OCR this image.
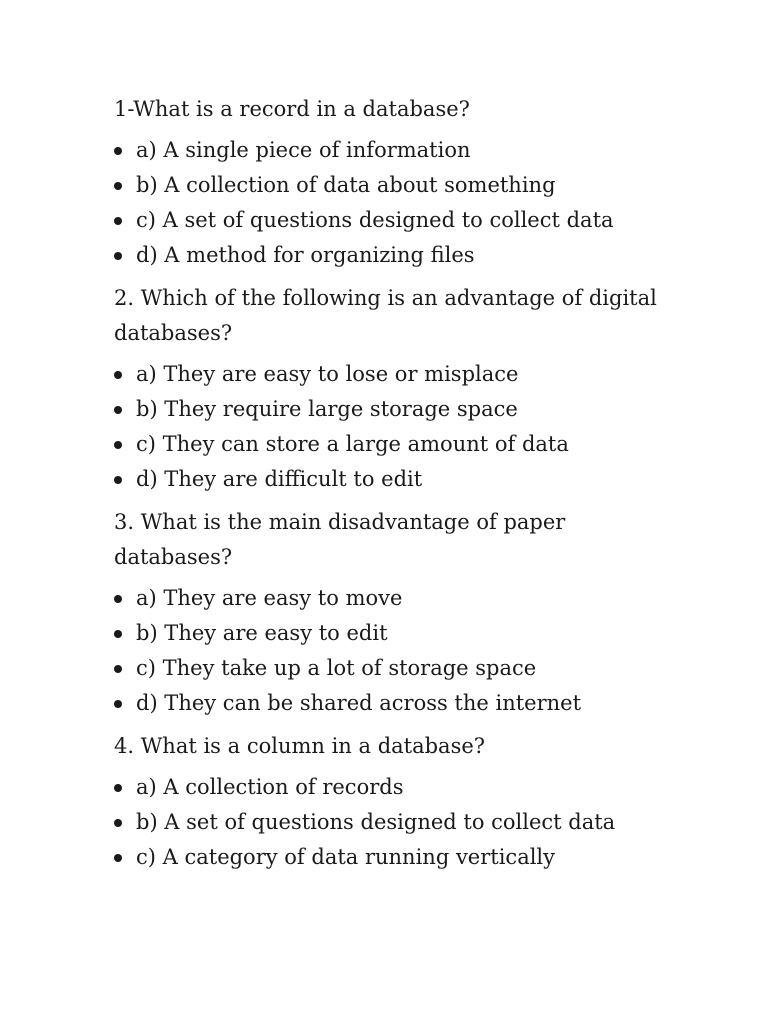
1-What is a record in a database?

a) A single piece of information
b) A collection of data about something
c) A set of questions designed to collect data
d) A method for organizing files

2. Which of the following is an advantage of digital databases?

a) They are easy to lose or misplace
b) They require large storage space
c) They can store a large amount of data
d) They are difficult to edit

3. What is the main disadvantage of paper databases?

a) They are easy to move
b) They are easy to edit
c) They take up a lot of storage space
d) They can be shared across the internet

4. What is a column in a database?

a) A collection of records
b) A set of questions designed to collect data
c) A category of data running vertically
